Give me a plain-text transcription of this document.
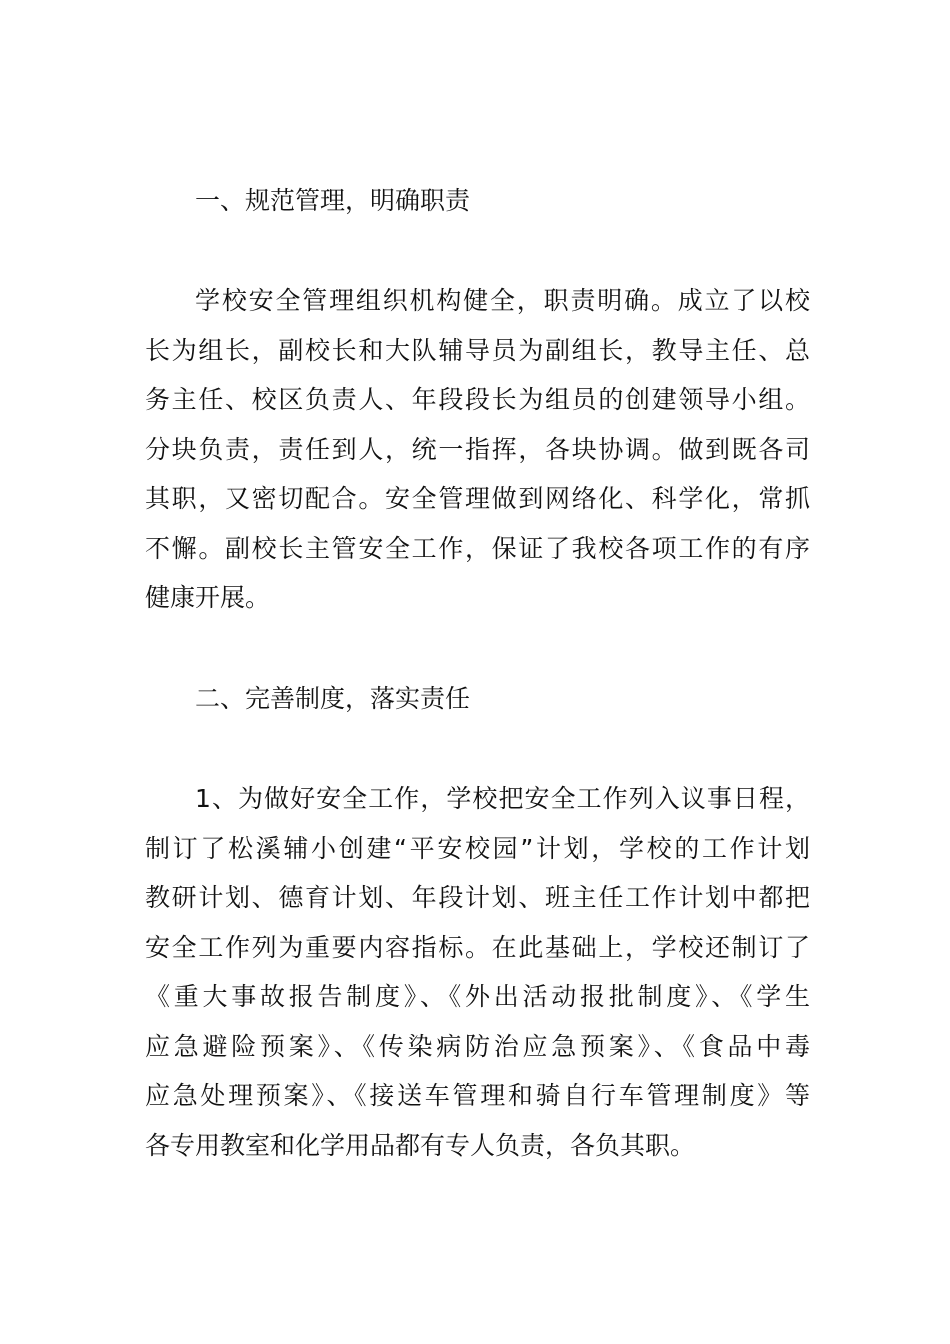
一、规范管理，明确职责
学校安全管理组织机构健全，职责明确。成立了以校
长为组长，副校长和大队辅导员为副组长，教导主任、总
务主任、校区负责人、年段段长为组员的创建领导小组。
分块负责，责任到人，统一指挥，各块协调。做到既各司
其职，又密切配合。安全管理做到网络化、科学化，常抓
不懈。副校长主管安全工作，保证了我校各项工作的有序
健康开展。
二、完善制度，落实责任
1、为做好安全工作，学校把安全工作列入议事日程，
制订了松溪辅小创建“平安校园”计划，学校的工作计划
教研计划、德育计划、年段计划、班主任工作计划中都把
安全工作列为重要内容指标。在此基础上，学校还制订了
《重大事故报告制度》、《外出活动报批制度》、《学生
应急避险预案》、《传染病防治应急预案》、《食品中毒
应急处理预案》、《接送车管理和骑自行车管理制度》等
各专用教室和化学用品都有专人负责，各负其职。
